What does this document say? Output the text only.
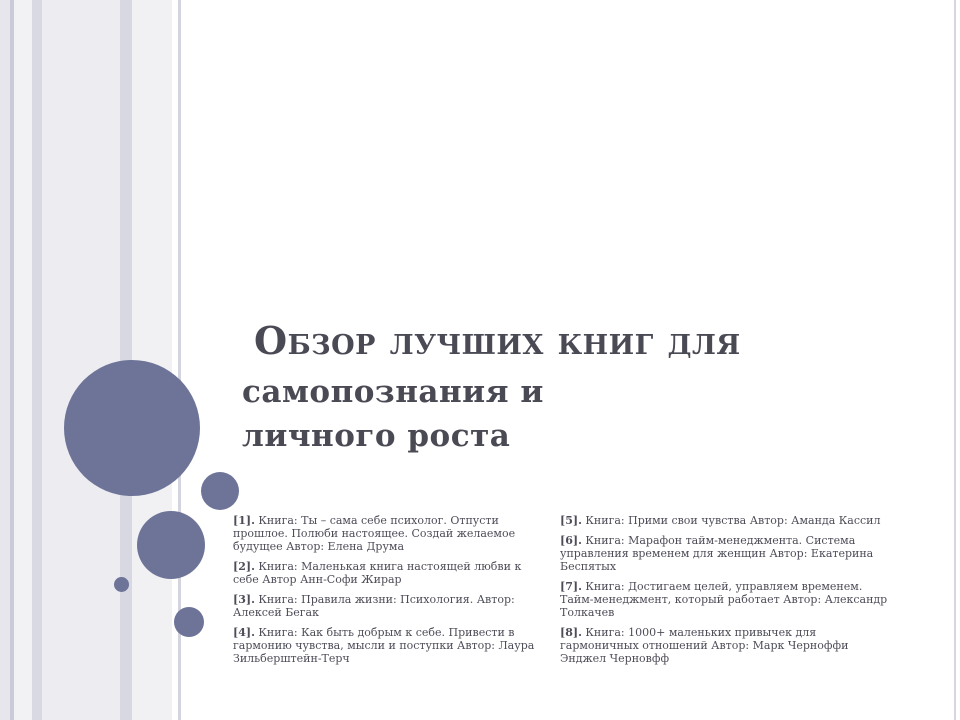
Обзор лучших книг для
самопознания и
личного роста

[1]. Книга: Ты – сама себе психолог. Отпусти прошлое. Полюби настоящее. Создай желаемое будущее Автор: Елена Друма

[2]. Книга: Маленькая книга настоящей любви к себе Автор Анн-Софи Жирар

[3]. Книга: Правила жизни: Психология. Автор: Алексей Бегак

[4]. Книга: Как быть добрым к себе. Привести в гармонию чувства, мысли и поступки Автор: Лаура Зильберштейн-Терч

[5]. Книга: Прими свои чувства Автор: Аманда Кассил

[6]. Книга: Марафон тайм-менеджмента. Система управления временем для женщин Автор: Екатерина Беспятых

[7]. Книга: Достигаем целей, управляем временем. Тайм-менеджмент, который работает Автор: Александр Толкачев

[8]. Книга: 1000+ маленьких привычек для гармоничных отношений Автор: Марк Черноффи Энджел Черновфф
